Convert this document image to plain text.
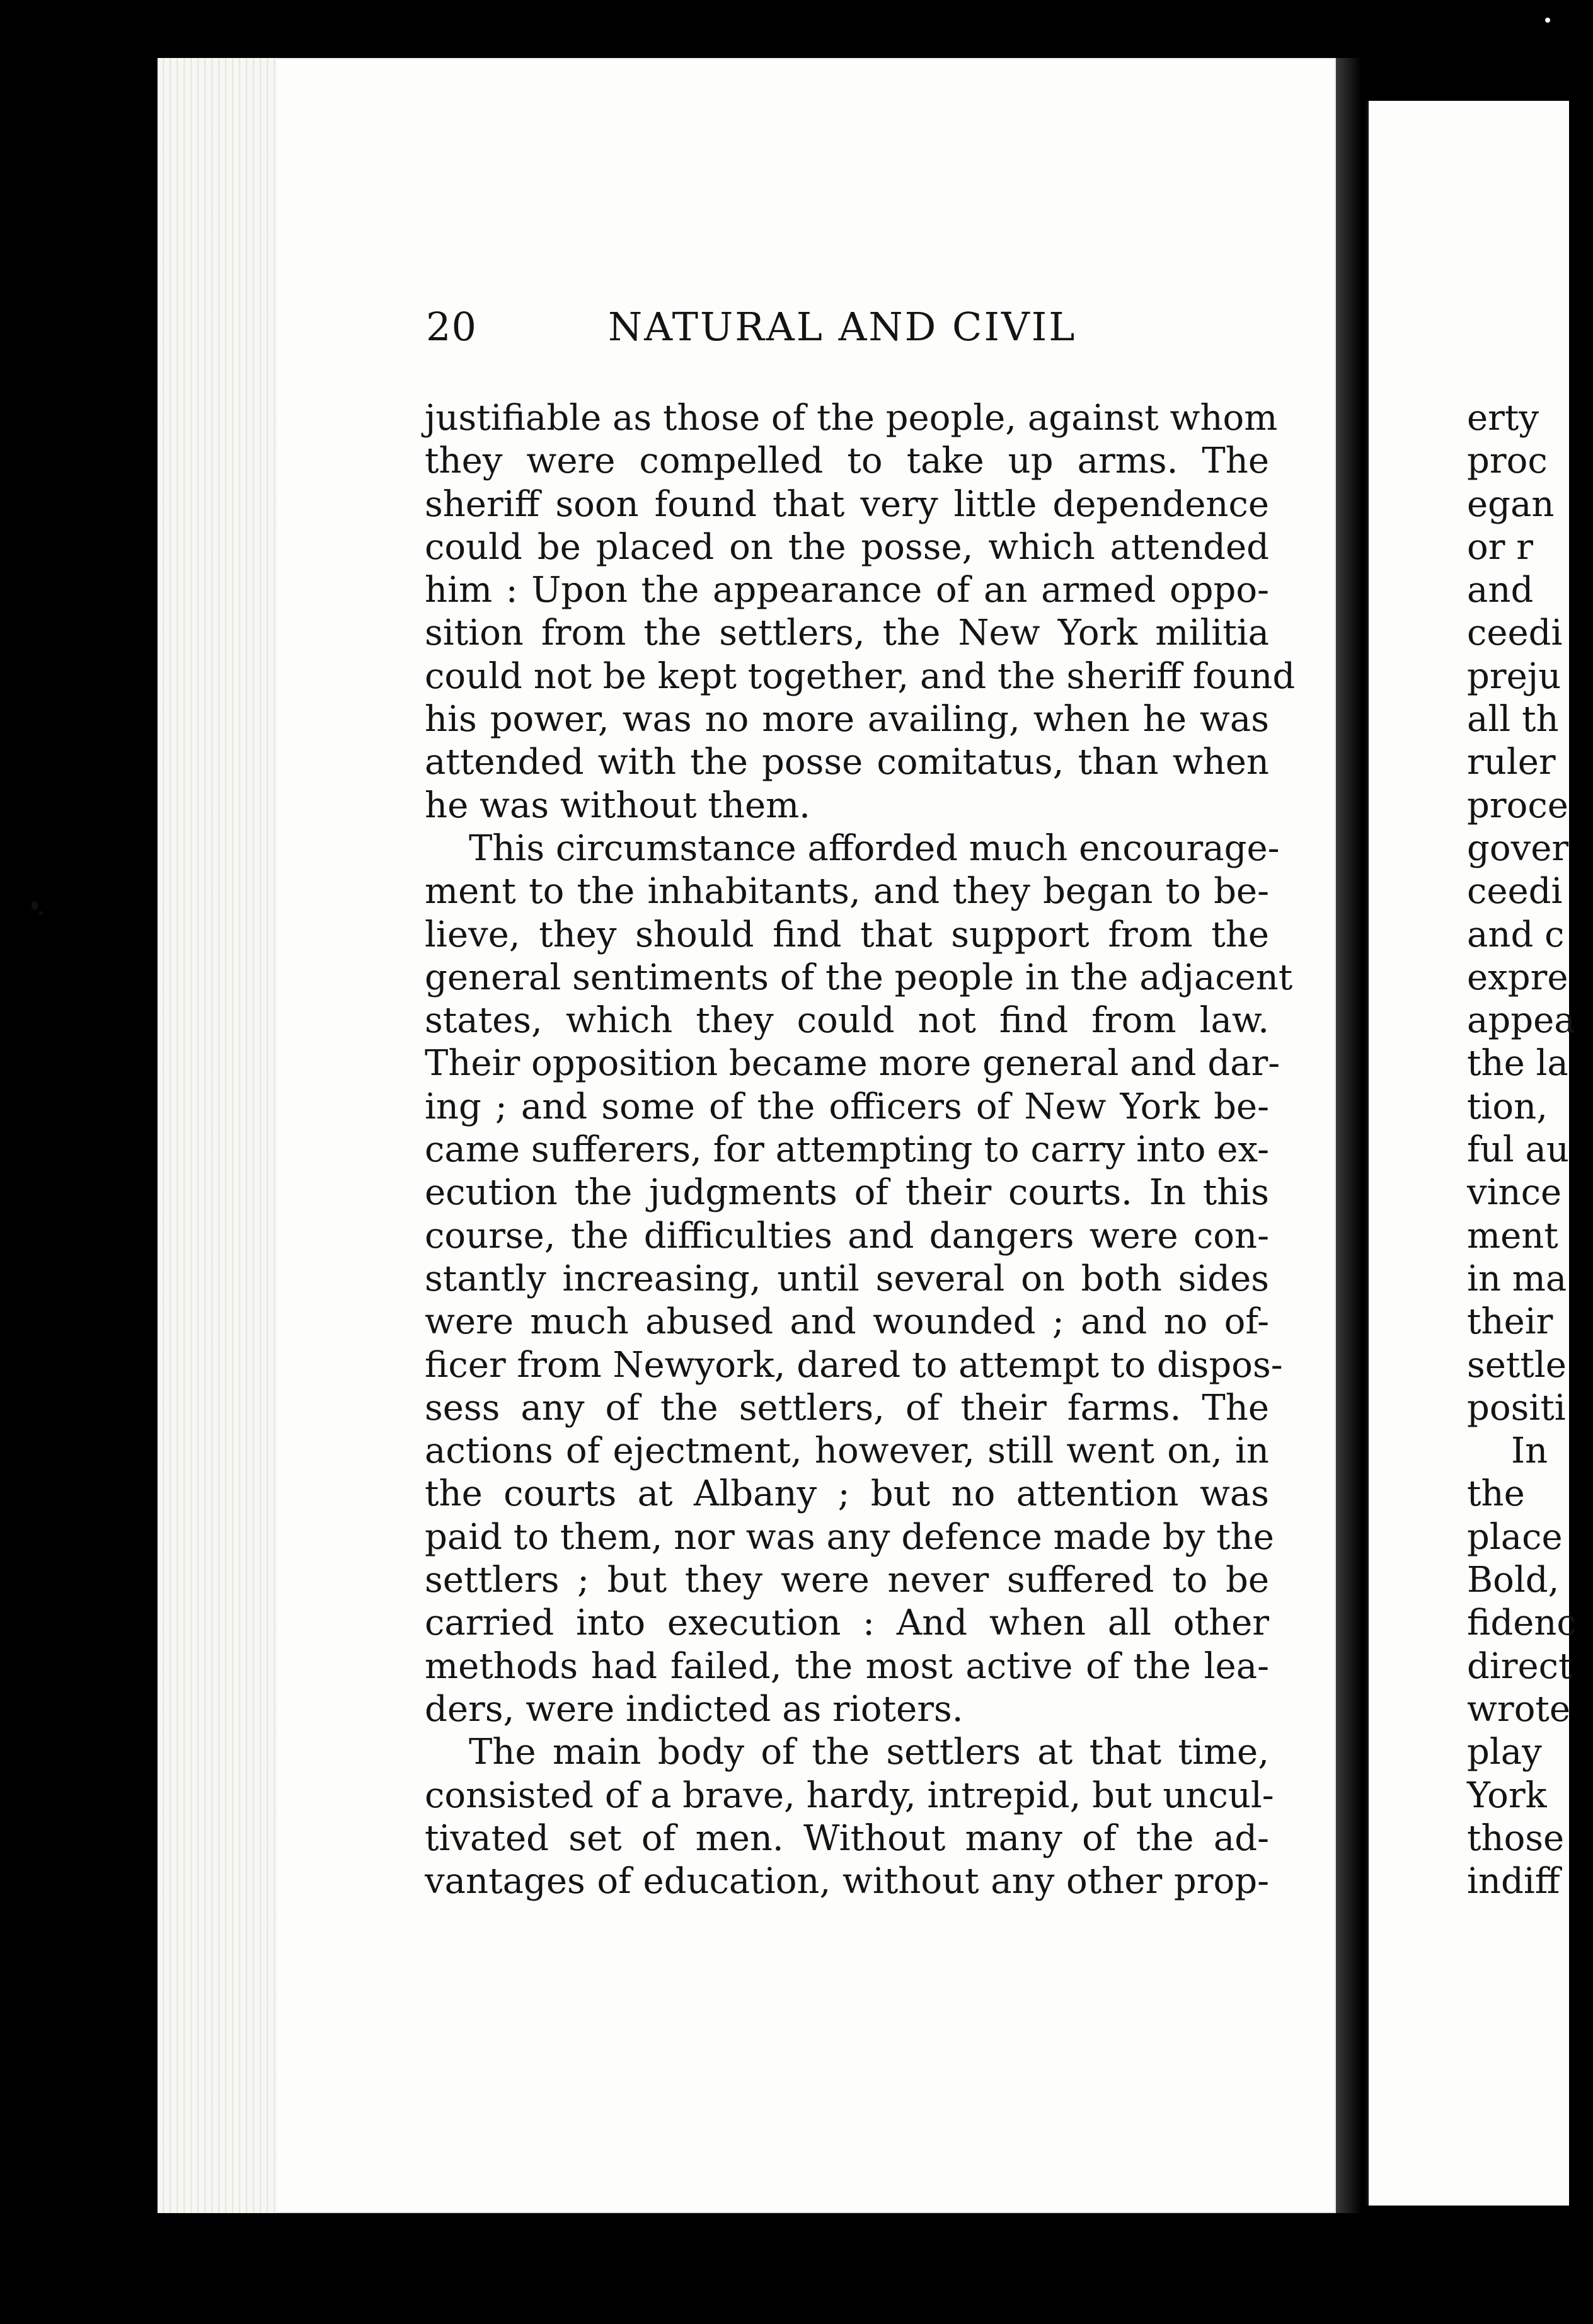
20	NATURAL AND CIVIL
justifiable as those of the people, against whom
they were compelled to take up arms. The
sheriff soon found that very little dependence
could be placed on the posse, which attended
him : Upon the appearance of an armed oppo-
sition from the settlers, the New York militia
could not be kept together, and the sheriff found
his power, was no more availing, when he was
attended with the posse comitatus, than when
he was without them.
This circumstance afforded much encourage-
ment to the inhabitants, and they began to be-
lieve, they should find that support from the
general sentiments of the people in the adjacent
states, which they could not find from law.
Their opposition became more general and dar-
ing ; and some of the officers of New York be-
came sufferers, for attempting to carry into ex-
ecution the judgments of their courts. In this
course, the difficulties and dangers were con-
stantly increasing, until several on both sides
were much abused and wounded ; and no of-
ficer from Newyork, dared to attempt to dispos-
sess any of the settlers, of their farms. The
actions of ejectment, however, still went on, in
the courts at Albany ; but no attention was
paid to them, nor was any defence made by the
settlers ; but they were never suffered to be
carried into execution : And when all other
methods had failed, the most active of the lea-
ders, were indicted as rioters.
The main body of the settlers at that time,
consisted of a brave, hardy, intrepid, but uncul-
tivated set of men. Without many of the ad-
vantages of education, without any other prop-
erty
proc
egan
or r
and
ceedi
preju
all th
ruler
proce
gover
ceedi
and c
expre
appea
the la
tion,
ful au
vince
ment
in ma
their
settle
positi
In
the
place
Bold,
fidenc
direct
wrote
play
York
those
indiff
